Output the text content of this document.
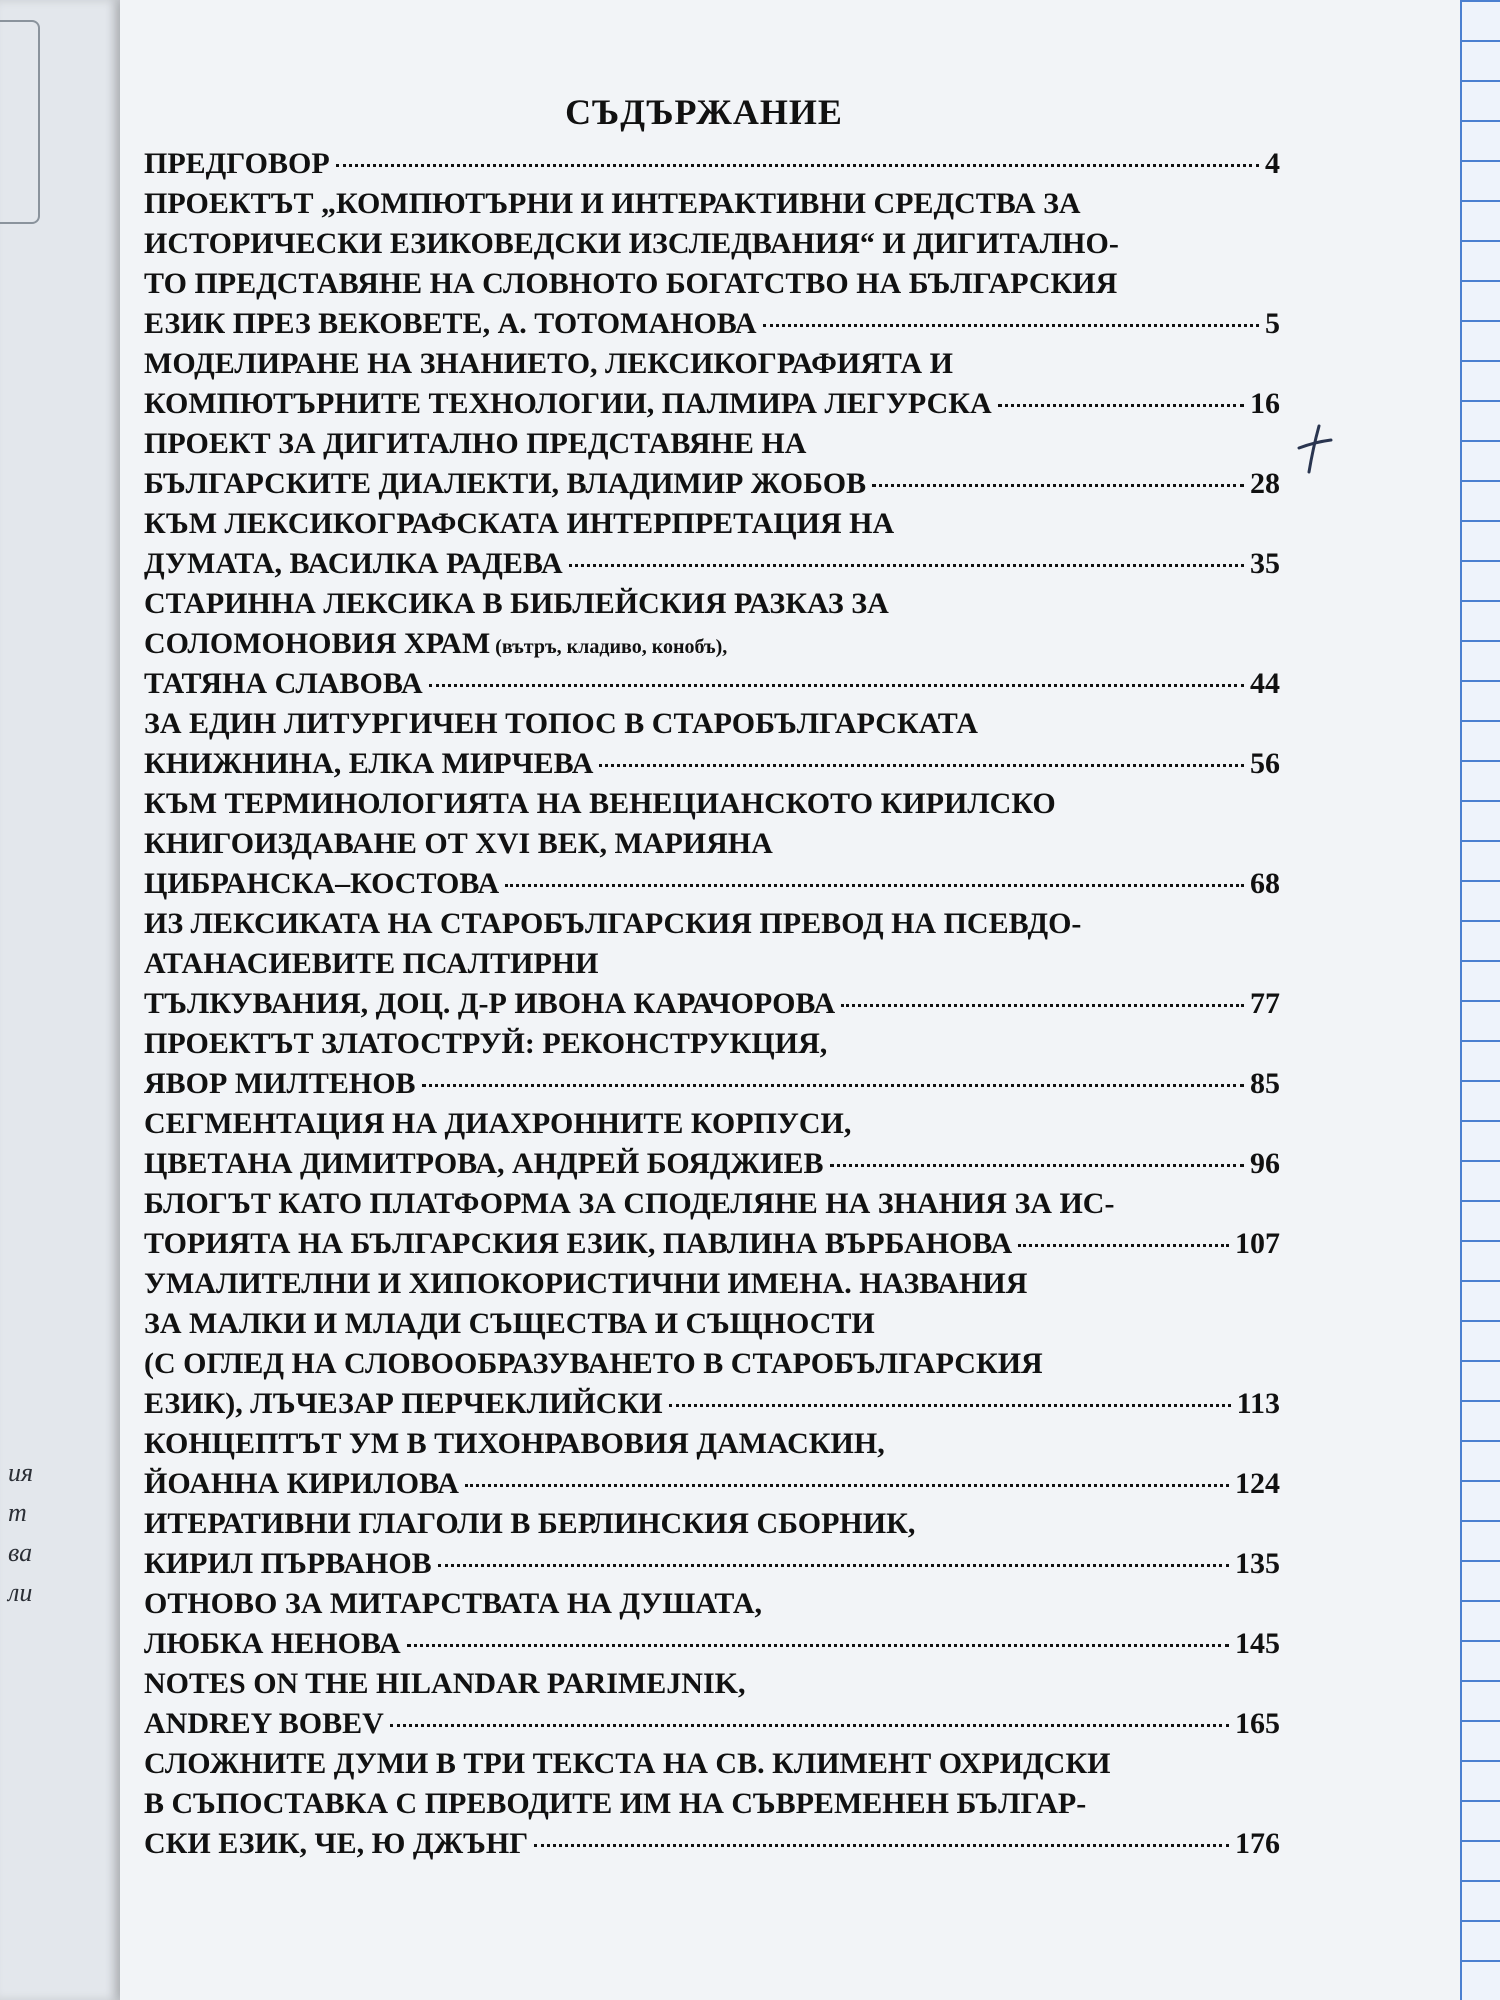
ия
т
ва
ли
СЪДЪРЖАНИЕ
ПРЕДГОВОР	4
ПРОЕКТЪТ „КОМПЮТЪРНИ И ИНТЕРАКТИВНИ СРЕДСТВА ЗА
ИСТОРИЧЕСКИ ЕЗИКОВЕДСКИ ИЗСЛЕДВАНИЯ“ И ДИГИТАЛНО-
ТО ПРЕДСТАВЯНЕ НА СЛОВНОТО БОГАТСТВО НА БЪЛГАРСКИЯ
ЕЗИК ПРЕЗ ВЕКОВЕТЕ, А. ТОТОМАНОВА	5
МОДЕЛИРАНЕ НА ЗНАНИЕТО, ЛЕКСИКОГРАФИЯТА И
КОМПЮТЪРНИТЕ ТЕХНОЛОГИИ, ПАЛМИРА ЛЕГУРСКА	16
ПРОЕКТ ЗА ДИГИТАЛНО ПРЕДСТАВЯНЕ НА
БЪЛГАРСКИТЕ ДИАЛЕКТИ, ВЛАДИМИР ЖОБОВ	28
КЪМ ЛЕКСИКОГРАФСКАТА ИНТЕРПРЕТАЦИЯ НА
ДУМАТА, ВАСИЛКА РАДЕВА	35
СТАРИННА ЛЕКСИКА В БИБЛЕЙСКИЯ РАЗКАЗ ЗА
СОЛОМОНОВИЯ ХРАМ (вътръ, кладиво, конобъ),
ТАТЯНА СЛАВОВА	44
ЗА ЕДИН ЛИТУРГИЧЕН ТОПОС В СТАРОБЪЛГАРСКАТА
КНИЖНИНА, ЕЛКА МИРЧЕВА	56
КЪМ ТЕРМИНОЛОГИЯТА НА ВЕНЕЦИАНСКОТО КИРИЛСКО
КНИГОИЗДАВАНЕ ОТ XVI ВЕК, МАРИЯНА
ЦИБРАНСКА–КОСТОВА	68
ИЗ ЛЕКСИКАТА НА СТАРОБЪЛГАРСКИЯ ПРЕВОД НА ПСЕВДО-
АТАНАСИЕВИТЕ ПСАЛТИРНИ
ТЪЛКУВАНИЯ, ДОЦ. Д-Р ИВОНА КАРАЧОРОВА	77
ПРОЕКТЪТ ЗЛАТОСТРУЙ: РЕКОНСТРУКЦИЯ,
ЯВОР МИЛТЕНОВ	85
СЕГМЕНТАЦИЯ НА ДИАХРОННИТЕ КОРПУСИ,
ЦВЕТАНА ДИМИТРОВА, АНДРЕЙ БОЯДЖИЕВ	96
БЛОГЪТ КАТО ПЛАТФОРМА ЗА СПОДЕЛЯНЕ НА ЗНАНИЯ ЗА ИС-
ТОРИЯТА НА БЪЛГАРСКИЯ ЕЗИК, ПАВЛИНА ВЪРБАНОВА	107
УМАЛИТЕЛНИ И ХИПОКОРИСТИЧНИ ИМЕНА. НАЗВАНИЯ
ЗА МАЛКИ И МЛАДИ СЪЩЕСТВА И СЪЩНОСТИ
(С ОГЛЕД НА СЛОВООБРАЗУВАНЕТО В СТАРОБЪЛГАРСКИЯ
ЕЗИК), ЛЪЧЕЗАР ПЕРЧЕКЛИЙСКИ	113
КОНЦЕПТЪТ УМ В ТИХОНРАВОВИЯ ДАМАСКИН,
ЙОАННА КИРИЛОВА	124
ИТЕРАТИВНИ ГЛАГОЛИ В БЕРЛИНСКИЯ СБОРНИК,
КИРИЛ ПЪРВАНОВ	135
ОТНОВО ЗА МИТАРСТВАТА НА ДУШАТА,
ЛЮБКА НЕНОВА	145
NOTES ON THE HILANDAR PARIMEJNIK,
ANDREY BOBEV	165
СЛОЖНИТЕ ДУМИ В ТРИ ТЕКСТА НА СВ. КЛИМЕНТ ОХРИДСКИ
В СЪПОСТАВКА С ПРЕВОДИТЕ ИМ НА СЪВРЕМЕНЕН БЪЛГАР-
СКИ ЕЗИК, ЧЕ, Ю ДЖЪНГ	176
